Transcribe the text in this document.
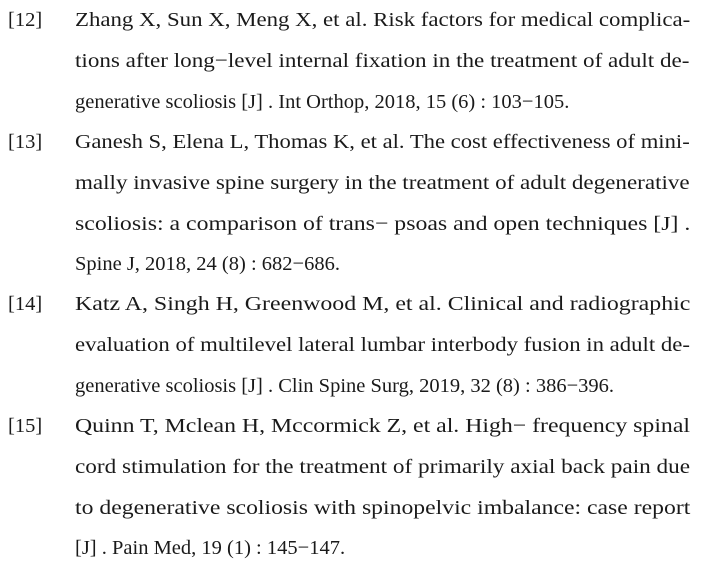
[12] Zhang X, Sun X, Meng X, et al. Risk factors for medical complica-
tions after long−level internal fixation in the treatment of adult de-
generative scoliosis [J] . Int Orthop, 2018, 15 (6) : 103−105.
[13] Ganesh S, Elena L, Thomas K, et al. The cost effectiveness of mini-
mally invasive spine surgery in the treatment of adult degenerative
scoliosis: a comparison of trans− psoas and open techniques [J] .
Spine J, 2018, 24 (8) : 682−686.
[14] Katz A, Singh H, Greenwood M, et al. Clinical and radiographic
evaluation of multilevel lateral lumbar interbody fusion in adult de-
generative scoliosis [J] . Clin Spine Surg, 2019, 32 (8) : 386−396.
[15] Quinn T, Mclean H, Mccormick Z, et al. High− frequency spinal
cord stimulation for the treatment of primarily axial back pain due
to degenerative scoliosis with spinopelvic imbalance: case report
[J] . Pain Med, 19 (1) : 145−147.
